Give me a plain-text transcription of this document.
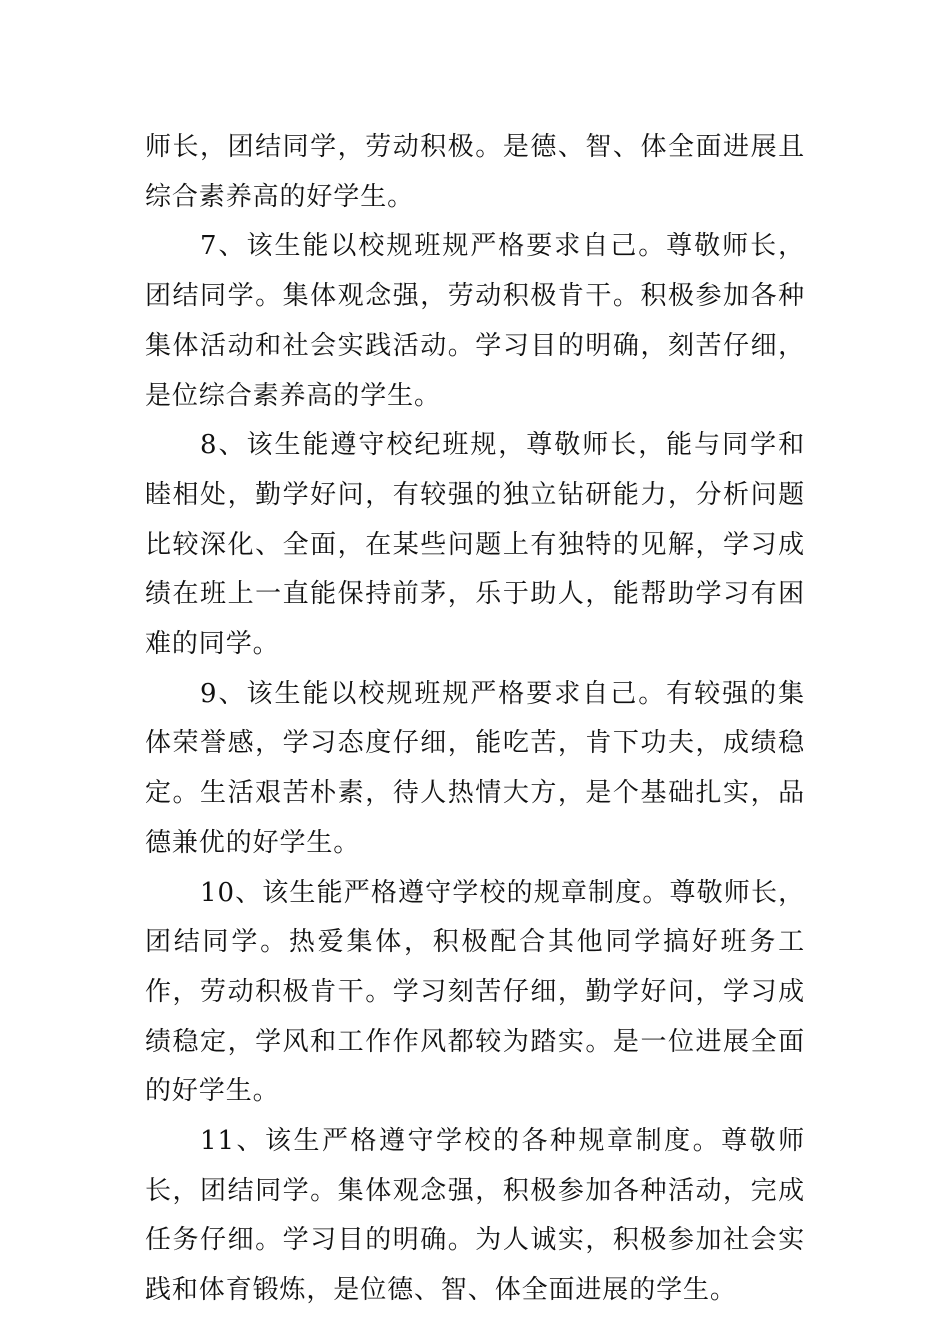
师长，团结同学，劳动积极。是德、智、体全面进展且综合素养高的好学生。

7、该生能以校规班规严格要求自己。尊敬师长，团结同学。集体观念强，劳动积极肯干。积极参加各种集体活动和社会实践活动。学习目的明确，刻苦仔细，是位综合素养高的学生。

8、该生能遵守校纪班规，尊敬师长，能与同学和睦相处，勤学好问，有较强的独立钻研能力，分析问题比较深化、全面，在某些问题上有独特的见解，学习成绩在班上一直能保持前茅，乐于助人，能帮助学习有困难的同学。

9、该生能以校规班规严格要求自己。有较强的集体荣誉感，学习态度仔细，能吃苦，肯下功夫，成绩稳定。生活艰苦朴素，待人热情大方，是个基础扎实，品德兼优的好学生。

10、该生能严格遵守学校的规章制度。尊敬师长，团结同学。热爱集体，积极配合其他同学搞好班务工作，劳动积极肯干。学习刻苦仔细，勤学好问，学习成绩稳定，学风和工作作风都较为踏实。是一位进展全面的好学生。

11、该生严格遵守学校的各种规章制度。尊敬师长，团结同学。集体观念强，积极参加各种活动，完成任务仔细。学习目的明确。为人诚实，积极参加社会实践和体育锻炼，是位德、智、体全面进展的学生。
